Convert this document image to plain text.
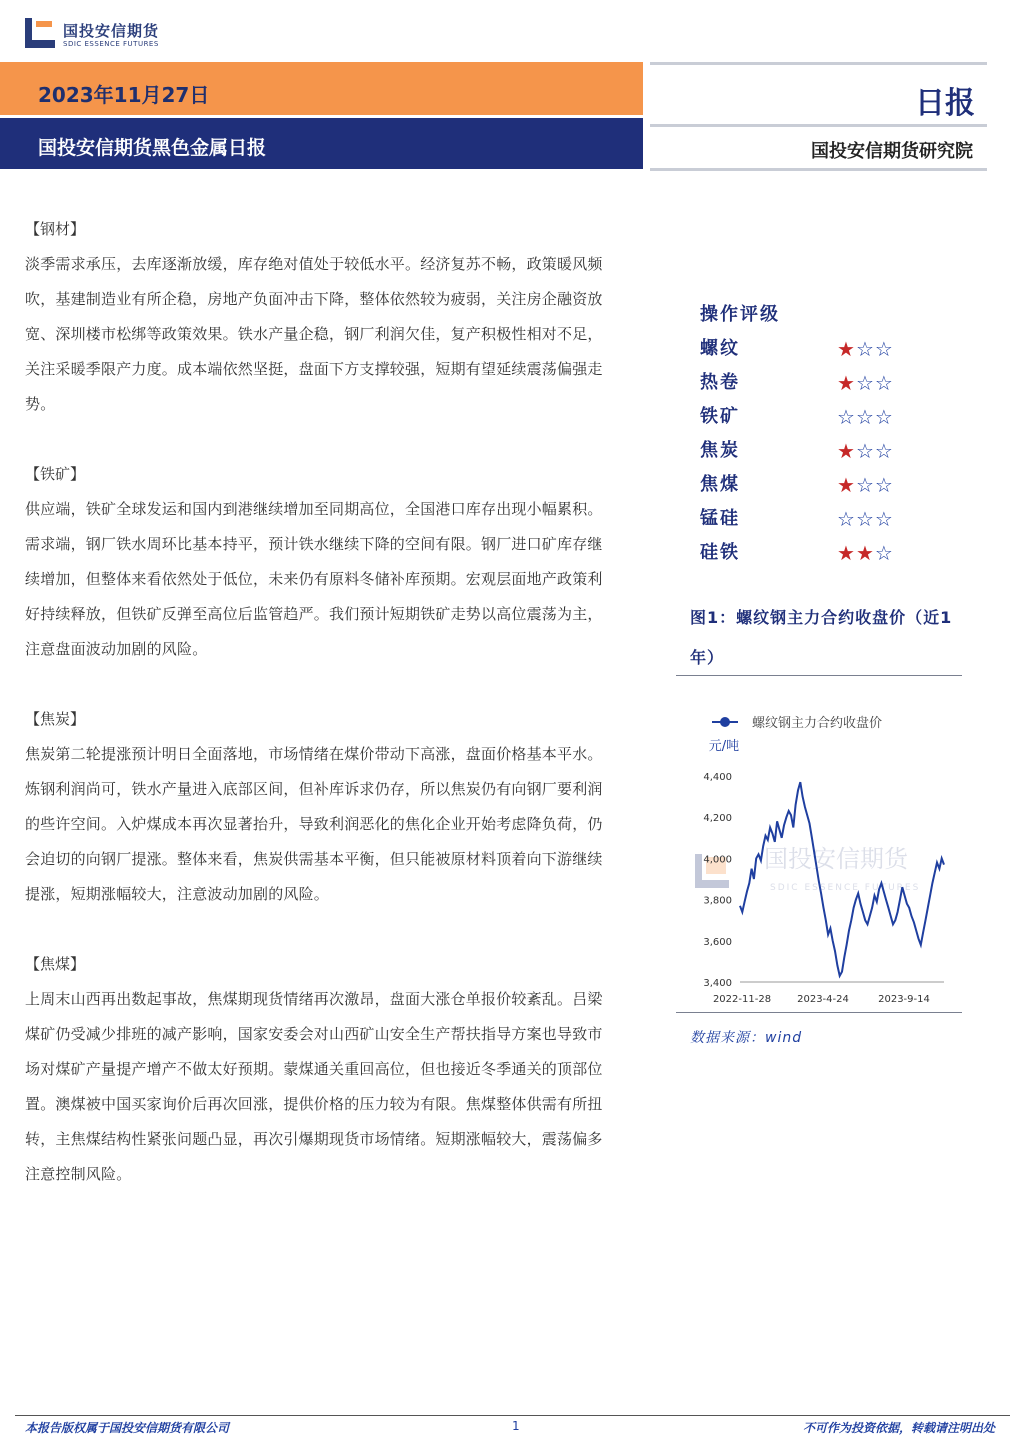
国投安信期货
SDIC ESSENCE FUTURES
2023年11月27日
国投安信期货黑色金属日报
日报
国投安信期货研究院
【钢材】
淡季需求承压，去库逐渐放缓，库存绝对值处于较低水平。经济复苏不畅，政策暖风频吹，基建制造业有所企稳，房地产负面冲击下降，整体依然较为疲弱，关注房企融资放宽、深圳楼市松绑等政策效果。铁水产量企稳，钢厂利润欠佳，复产积极性相对不足，关注采暖季限产力度。成本端依然坚挺，盘面下方支撑较强，短期有望延续震荡偏强走势。
【铁矿】
供应端，铁矿全球发运和国内到港继续增加至同期高位，全国港口库存出现小幅累积。需求端，钢厂铁水周环比基本持平，预计铁水继续下降的空间有限。钢厂进口矿库存继续增加，但整体来看依然处于低位，未来仍有原料冬储补库预期。宏观层面地产政策利好持续释放，但铁矿反弹至高位后监管趋严。我们预计短期铁矿走势以高位震荡为主，注意盘面波动加剧的风险。
【焦炭】
焦炭第二轮提涨预计明日全面落地，市场情绪在煤价带动下高涨，盘面价格基本平水。炼钢利润尚可，铁水产量进入底部区间，但补库诉求仍存，所以焦炭仍有向钢厂要利润的些许空间。入炉煤成本再次显著抬升，导致利润恶化的焦化企业开始考虑降负荷，仍会迫切的向钢厂提涨。整体来看，焦炭供需基本平衡，但只能被原材料顶着向下游继续提涨，短期涨幅较大，注意波动加剧的风险。
【焦煤】
上周末山西再出数起事故，焦煤期现货情绪再次激昂，盘面大涨仓单报价较紊乱。吕梁煤矿仍受减少排班的减产影响，国家安委会对山西矿山安全生产帮扶指导方案也导致市场对煤矿产量提产增产不做太好预期。蒙煤通关重回高位，但也接近冬季通关的顶部位置。澳煤被中国买家询价后再次回涨，提供价格的压力较为有限。焦煤整体供需有所扭转，主焦煤结构性紧张问题凸显，再次引爆期现货市场情绪。短期涨幅较大，震荡偏多注意控制风险。
操作评级
螺纹	★☆☆
热卷	★☆☆
铁矿	☆☆☆
焦炭	★☆☆
焦煤	★☆☆
锰硅	☆☆☆
硅铁	★★☆
图1：螺纹钢主力合约收盘价（近1年）
国投安信期货
SDIC ESSENCE FUTURES
螺纹钢主力合约收盘价
元/吨
3,400
3,600
3,800
4,000
4,200
4,400
2022-11-28	2023-4-24	2023-9-14
数据来源：wind
本报告版权属于国投安信期货有限公司	1	不可作为投资依据，转载请注明出处
